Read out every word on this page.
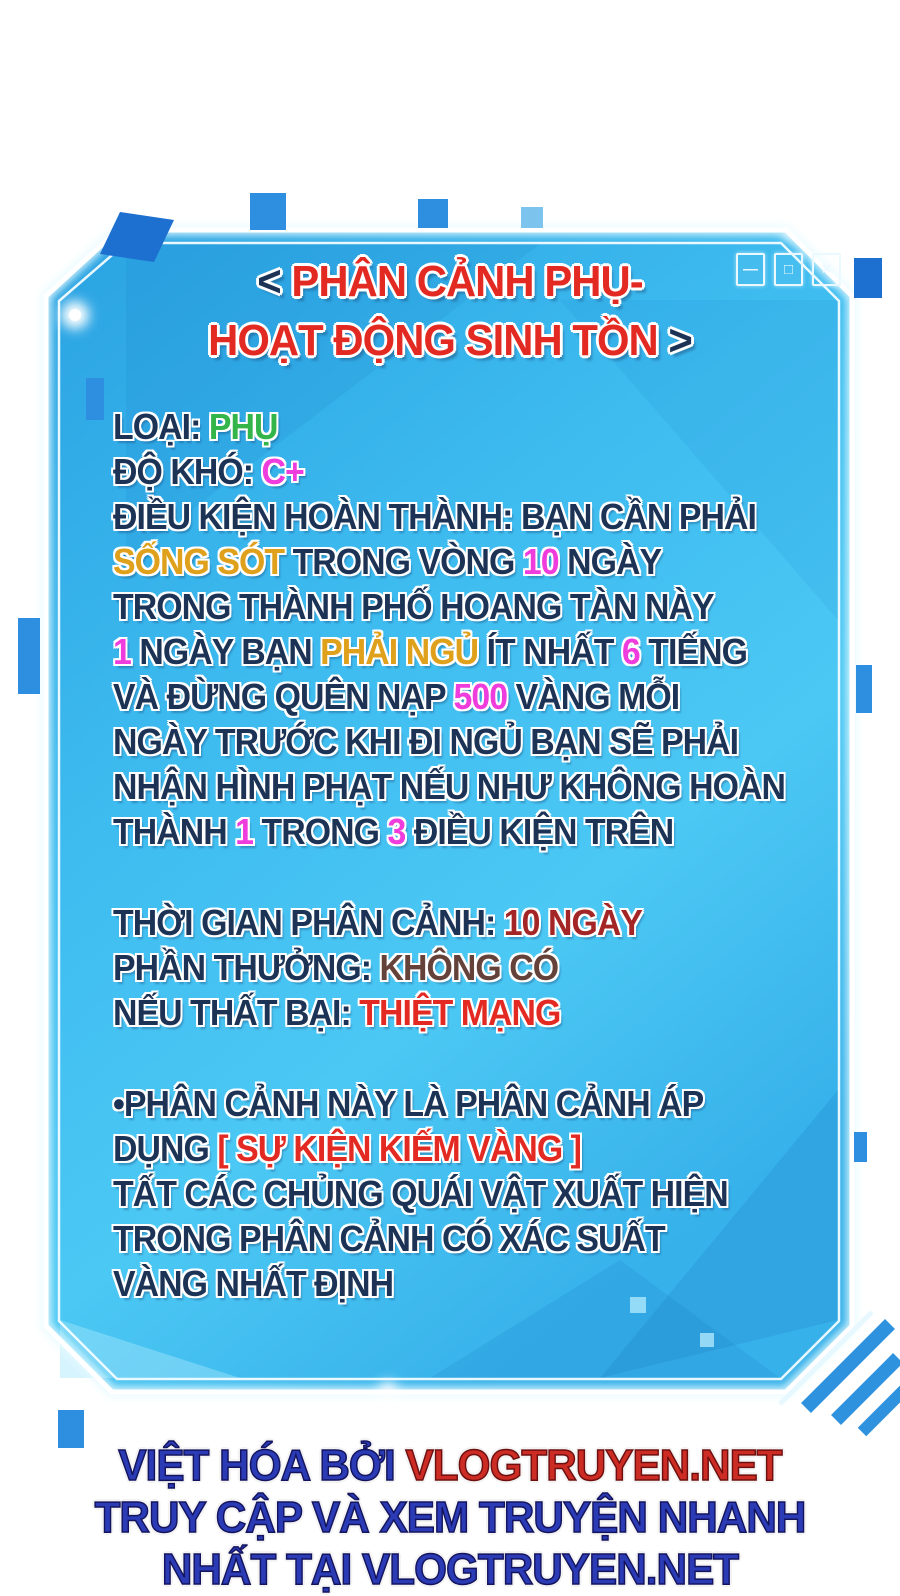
— □ ✕
< PHÂN CẢNH PHỤ-
HOẠT ĐỘNG SINH TỒN >
LOẠI: PHỤ
ĐỘ KHÓ: C+
ĐIỀU KIỆN HOÀN THÀNH: BẠN CẦN PHẢI
SỐNG SÓT TRONG VÒNG 10 NGÀY
TRONG THÀNH PHỐ HOANG TÀN NÀY
1 NGÀY BẠN PHẢI NGỦ ÍT NHẤT 6 TIẾNG
VÀ ĐỪNG QUÊN NẠP 500 VÀNG MỖI
NGÀY TRƯỚC KHI ĐI NGỦ BẠN SẼ PHẢI
NHẬN HÌNH PHẠT NẾU NHƯ KHÔNG HOÀN
THÀNH 1 TRONG 3 ĐIỀU KIỆN TRÊN
THỜI GIAN PHÂN CẢNH: 10 NGÀY
PHẦN THƯỞNG: KHÔNG CÓ
NẾU THẤT BẠI: THIỆT MẠNG
•PHÂN CẢNH NÀY LÀ PHÂN CẢNH ÁP
DỤNG [ SỰ KIỆN KIẾM VÀNG ]
TẤT CÁC CHỦNG QUÁI VẬT XUẤT HIỆN
TRONG PHÂN CẢNH CÓ XÁC SUẤT
VÀNG NHẤT ĐỊNH
VIỆT HÓA BỞI VLOGTRUYEN.NET
TRUY CẬP VÀ XEM TRUYỆN NHANH
NHẤT TẠI VLOGTRUYEN.NET
